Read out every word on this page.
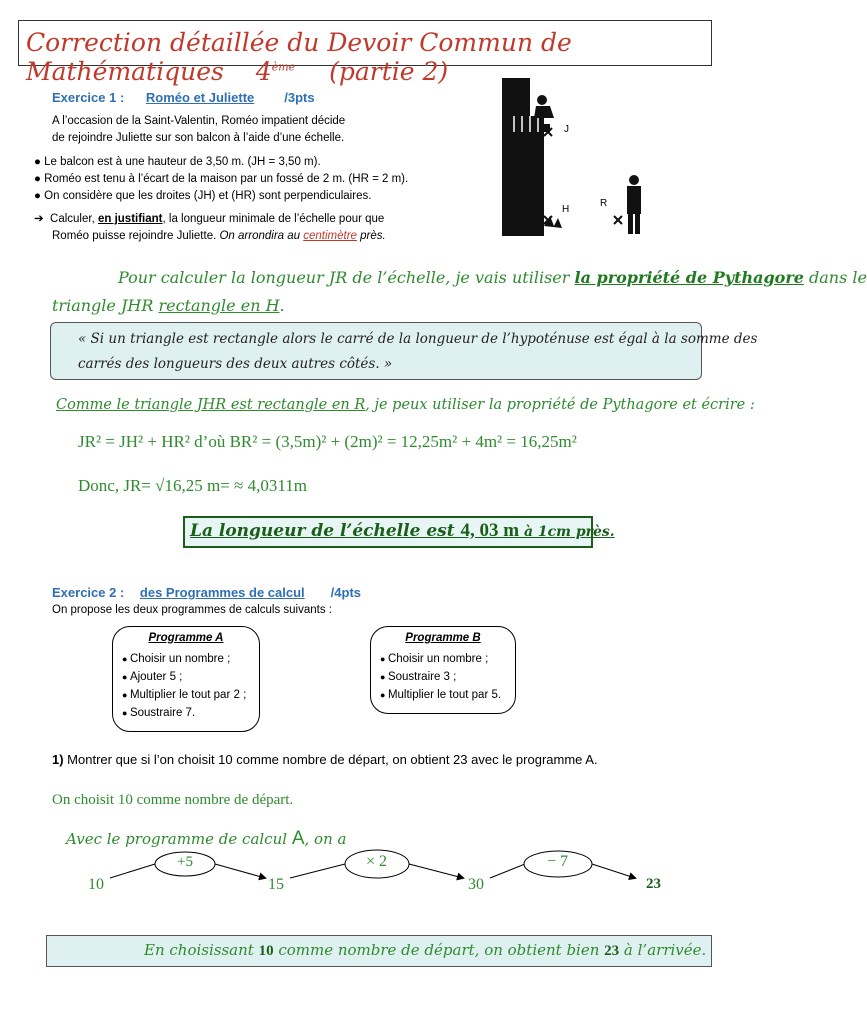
Correction détaillée du Devoir Commun de Mathématiques 4ème (partie 2)
Exercice 1 : Roméo et Juliette /3pts
A l’occasion de la Saint-Valentin, Roméo impatient décide
de rejoindre Juliette sur son balcon à l’aide d’une échelle.
● Le balcon est à une hauteur de 3,50 m. (JH = 3,50 m).
● Roméo est tenu à l’écart de la maison par un fossé de 2 m. (HR = 2 m).
● On considère que les droites (JH) et (HR) sont perpendiculaires.
➔ Calculer, en justifiant, la longueur minimale de l’échelle pour que
Roméo puisse rejoindre Juliette. On arrondira au centimètre près.
J
H
R
Pour calculer la longueur JR de l’échelle, je vais utiliser la propriété de Pythagore dans le
triangle JHR rectangle en H.
« Si un triangle est rectangle alors le carré de la longueur de l’hypoténuse est égal à la somme des
carrés des longueurs des deux autres côtés. »
Comme le triangle JHR est rectangle en R, je peux utiliser la propriété de Pythagore et écrire :
JR² = JH² + HR² d’où BR² = (3,5m)² + (2m)² = 12,25m² + 4m² = 16,25m²
Donc, JR= √16,25 m= ≈ 4,0311m
La longueur de l’échelle est 4, 03 m à 1cm près.
Exercice 2 : des Programmes de calcul /4pts
On propose les deux programmes de calculs suivants :
Programme A
● Choisir un nombre ;
● Ajouter 5 ;
● Multiplier le tout par 2 ;
● Soustraire 7.
Programme B
● Choisir un nombre ;
● Soustraire 3 ;
● Multiplier le tout par 5.
1) Montrer que si l’on choisit 10 comme nombre de départ, on obtient 23 avec le programme A.
On choisit 10 comme nombre de départ.
Avec le programme de calcul A, on a
+5	× 2	− 7
10	15	30	23
En choisissant 10 comme nombre de départ, on obtient bien 23 à l’arrivée.
